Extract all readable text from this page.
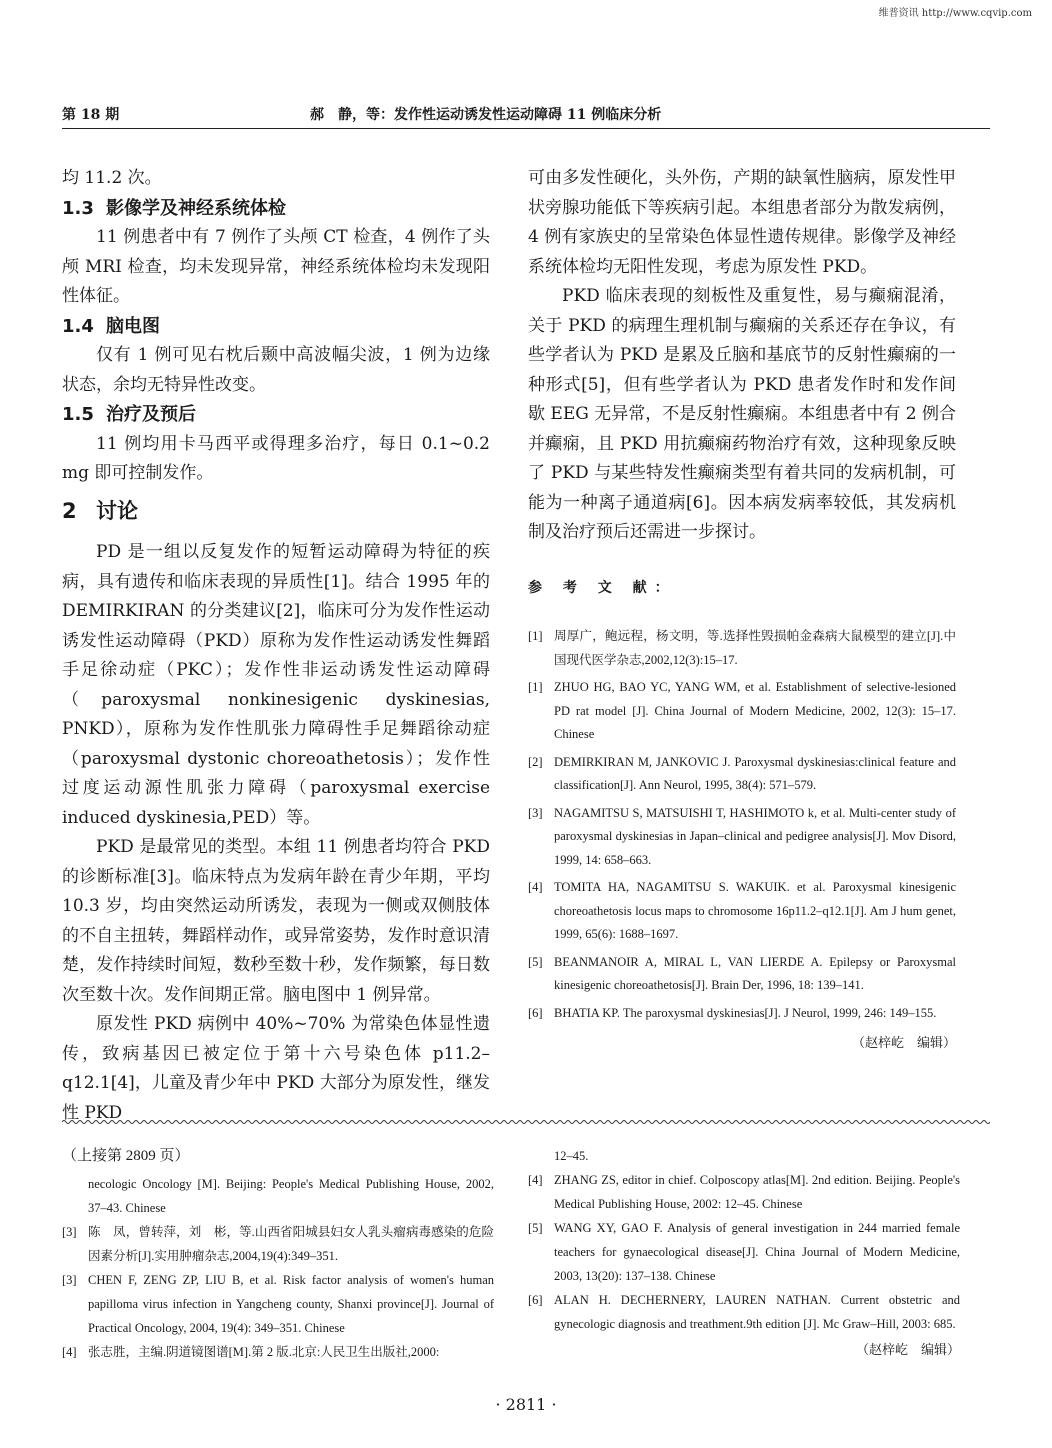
维普资讯 http://www.cqvip.com
第 18 期	郝　静，等：发作性运动诱发性运动障碍 11 例临床分析

均 11.2 次。

1.3 影像学及神经系统体检

11 例患者中有 7 例作了头颅 CT 检查，4 例作了头颅 MRI 检查，均未发现异常，神经系统体检均未发现阳性体征。

1.4 脑电图

仅有 1 例可见右枕后颞中高波幅尖波，1 例为边缘状态，余均无特异性改变。

1.5 治疗及预后

11 例均用卡马西平或得理多治疗，每日 0.1~0.2 mg 即可控制发作。

2 讨论

PD 是一组以反复发作的短暂运动障碍为特征的疾病，具有遗传和临床表现的异质性[1]。结合 1995 年的 DEMIRKIRAN 的分类建议[2]，临床可分为发作性运动诱发性运动障碍（PKD）原称为发作性运动诱发性舞蹈手足徐动症（PKC）；发作性非运动诱发性运动障碍（paroxysmal nonkinesigenic dyskinesias, PNKD），原称为发作性肌张力障碍性手足舞蹈徐动症（paroxysmal dystonic choreoathetosis）；发作性过度运动源性肌张力障碍（paroxysmal exercise induced dyskinesia,PED）等。

PKD 是最常见的类型。本组 11 例患者均符合 PKD 的诊断标准[3]。临床特点为发病年龄在青少年期，平均 10.3 岁，均由突然运动所诱发，表现为一侧或双侧肢体的不自主扭转，舞蹈样动作，或异常姿势，发作时意识清楚，发作持续时间短，数秒至数十秒，发作频繁，每日数次至数十次。发作间期正常。脑电图中 1 例异常。

原发性 PKD 病例中 40%~70% 为常染色体显性遗传，致病基因已被定位于第十六号染色体 p11.2–q12.1[4]，儿童及青少年中 PKD 大部分为原发性，继发性 PKD

可由多发性硬化，头外伤，产期的缺氧性脑病，原发性甲状旁腺功能低下等疾病引起。本组患者部分为散发病例，4 例有家族史的呈常染色体显性遗传规律。影像学及神经系统体检均无阳性发现，考虑为原发性 PKD。

PKD 临床表现的刻板性及重复性，易与癫痫混淆，关于 PKD 的病理生理机制与癫痫的关系还存在争议，有些学者认为 PKD 是累及丘脑和基底节的反射性癫痫的一种形式[5]，但有些学者认为 PKD 患者发作时和发作间歇 EEG 无异常，不是反射性癫痫。本组患者中有 2 例合并癫痫，且 PKD 用抗癫痫药物治疗有效，这种现象反映了 PKD 与某些特发性癫痫类型有着共同的发病机制，可能为一种离子通道病[6]。因本病发病率较低，其发病机制及治疗预后还需进一步探讨。

参 考 文 献：
[1] 周厚广，鲍远程，杨文明，等.选择性毁损帕金森病大鼠模型的建立[J].中国现代医学杂志,2002,12(3):15–17.
[1] ZHUO HG, BAO YC, YANG WM, et al. Establishment of selective-lesioned PD rat model [J]. China Journal of Modern Medicine, 2002, 12(3): 15–17. Chinese
[2] DEMIRKIRAN M, JANKOVIC J. Paroxysmal dyskinesias:clinical feature and classification[J]. Ann Neurol, 1995, 38(4): 571–579.
[3] NAGAMITSU S, MATSUISHI T, HASHIMOTO k, et al. Multi-center study of paroxysmal dyskinesias in Japan–clinical and pedigree analysis[J]. Mov Disord, 1999, 14: 658–663.
[4] TOMITA HA, NAGAMITSU S. WAKUIK. et al. Paroxysmal kinesigenic choreoathetosis locus maps to chromosome 16p11.2–q12.1[J]. Am J hum genet, 1999, 65(6): 1688–1697.
[5] BEANMANOIR A, MIRAL L, VAN LIERDE A. Epilepsy or Paroxysmal kinesigenic choreoathetosis[J]. Brain Der, 1996, 18: 139–141.
[6] BHATIA KP. The paroxysmal dyskinesias[J]. J Neurol, 1999, 246: 149–155.
（赵梓屹　编辑）
（上接第 2809 页）
necologic Oncology [M]. Beijing: People's Medical Publishing House, 2002, 37–43. Chinese
[3] 陈　凤，曾转萍，刘　彬，等.山西省阳城县妇女人乳头瘤病毒感染的危险因素分析[J].实用肿瘤杂志,2004,19(4):349–351.
[3] CHEN F, ZENG ZP, LIU B, et al. Risk factor analysis of women's human papilloma virus infection in Yangcheng county, Shanxi province[J]. Journal of Practical Oncology, 2004, 19(4): 349–351. Chinese
[4] 张志胜，主编.阴道镜图谱[M].第 2 版.北京:人民卫生出版社,2000:
12–45.
[4] ZHANG ZS, editor in chief. Colposcopy atlas[M]. 2nd edition. Beijing. People's Medical Publishing House, 2002: 12–45. Chinese
[5] WANG XY, GAO F. Analysis of general investigation in 244 married female teachers for gynaecological disease[J]. China Journal of Modern Medicine, 2003, 13(20): 137–138. Chinese
[6] ALAN H. DECHERNERY, LAUREN NATHAN. Current obstetric and gynecologic diagnosis and treathment.9th edition [J]. Mc Graw–Hill, 2003: 685.
（赵梓屹　编辑）
· 2811 ·
